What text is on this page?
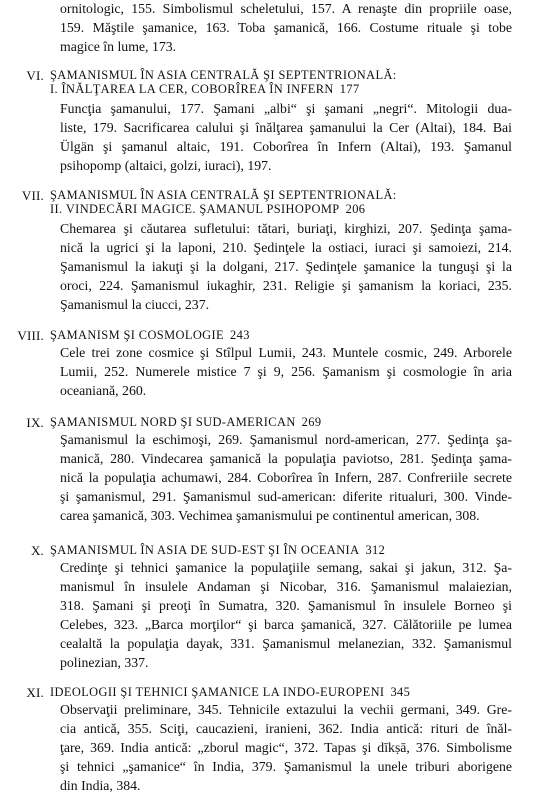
ornitologic, 155. Simbolismul scheletului, 157. A renaşte din propriile oase,
159. Măştile şamanice, 163. Toba şamanică, 166. Costume rituale şi tobe
magice în lume, 173.
VI. ŞAMANISMUL ÎN ASIA CENTRALĂ ŞI SEPTENTRIONALĂ:
I. ÎNĂLŢAREA LA CER, COBORÎREA ÎN INFERN 177
Funcţia şamanului, 177. Şamani „albi“ şi şamani „negri“. Mitologii dua-
liste, 179. Sacrificarea calului şi înălţarea şamanului la Cer (Altai), 184. Bai
Ülgän şi şamanul altaic, 191. Coborîrea în Infern (Altai), 193. Şamanul
psihopomp (altaici, golzi, iuraci), 197.
VII. ŞAMANISMUL ÎN ASIA CENTRALĂ ŞI SEPTENTRIONALĂ:
II. VINDECĂRI MAGICE. ŞAMANUL PSIHOPOMP 206
Chemarea şi căutarea sufletului: tătari, buriaţi, kirghizi, 207. Şedinţa şama-
nică la ugrici şi la laponi, 210. Şedinţele la ostiaci, iuraci şi samoiezi, 214.
Şamanismul la iakuţi şi la dolgani, 217. Şedinţele şamanice la tunguşi şi la
oroci, 224. Şamanismul iukaghir, 231. Religie şi şamanism la koriaci, 235.
Şamanismul la ciucci, 237.
VIII. ŞAMANISM ŞI COSMOLOGIE 243
Cele trei zone cosmice şi Stîlpul Lumii, 243. Muntele cosmic, 249. Arborele
Lumii, 252. Numerele mistice 7 şi 9, 256. Şamanism şi cosmologie în aria
oceaniană, 260.
IX. ŞAMANISMUL NORD ŞI SUD-AMERICAN 269
Şamanismul la eschimoşi, 269. Şamanismul nord-american, 277. Şedinţa şa-
manică, 280. Vindecarea şamanică la populaţia paviotso, 281. Şedinţa şama-
nică la populaţia achumawi, 284. Coborîrea în Infern, 287. Confreriile secrete
şi şamanismul, 291. Şamanismul sud-american: diferite ritualuri, 300. Vinde-
carea şamanică, 303. Vechimea şamanismului pe continentul american, 308.
X. ŞAMANISMUL ÎN ASIA DE SUD-EST ŞI ÎN OCEANIA 312
Credinţe şi tehnici şamanice la populaţiile semang, sakai şi jakun, 312. Şa-
manismul în insulele Andaman şi Nicobar, 316. Şamanismul malaiezian,
318. Şamani şi preoţi în Sumatra, 320. Şamanismul în insulele Borneo şi
Celebes, 323. „Barca morţilor“ şi barca şamanică, 327. Călătoriile pe lumea
cealaltă la populaţia dayak, 331. Şamanismul melanezian, 332. Şamanismul
polinezian, 337.
XI. IDEOLOGII ŞI TEHNICI ŞAMANICE LA INDO-EUROPENI 345
Observaţii preliminare, 345. Tehnicile extazului la vechii germani, 349. Gre-
cia antică, 355. Sciţi, caucazieni, iranieni, 362. India antică: rituri de înăl-
ţare, 369. India antică: „zborul magic“, 372. Tapas şi dīkṣā, 376. Simbolisme
şi tehnici „şamanice“ în India, 379. Şamanismul la unele triburi aborigene
din India, 384.
